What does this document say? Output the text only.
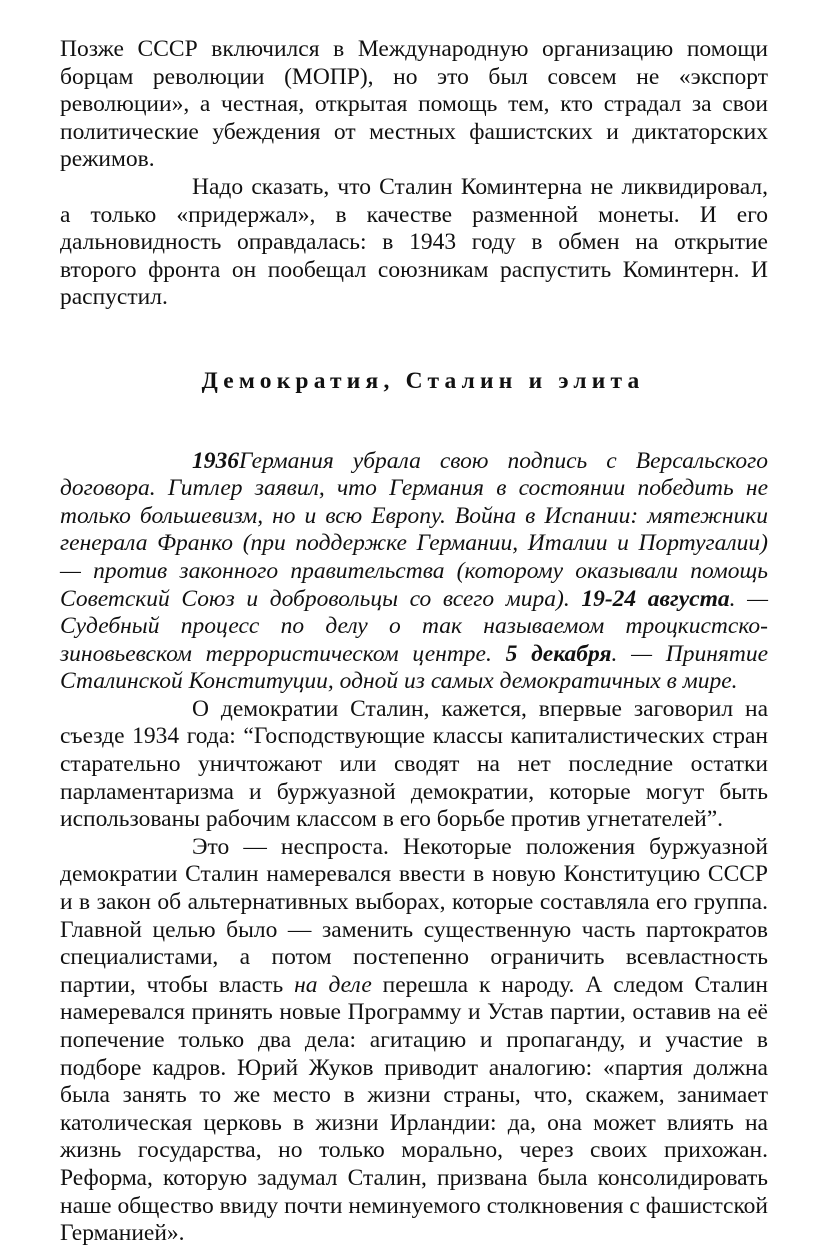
Позже СССР включился в Международную организацию помощи борцам революции (МОПР), но это был совсем не «экспорт революции», а честная, открытая помощь тем, кто страдал за свои политические убеждения от местных фашистских и диктаторских режимов.

Надо сказать, что Сталин Коминтерна не ликвидировал, а только «придержал», в качестве разменной монеты. И его дальновидность оправдалась: в 1943 году в обмен на открытие второго фронта он пообещал союзникам распустить Коминтерн. И распустил.

Демократия, Сталин и элита

1936Германия убрала свою подпись с Версальского договора. Гитлер заявил, что Германия в состоянии победить не только большевизм, но и всю Европу. Война в Испании: мятежники генерала Франко (при поддержке Германии, Италии и Португалии) — против законного правительства (которому оказывали помощь Советский Союз и добровольцы со всего мира). 19-24 августа. — Судебный процесс по делу о так называемом троцкистско-зиновьевском террористическом центре. 5 декабря. — Принятие Сталинской Конституции, одной из самых демократичных в мире.

О демократии Сталин, кажется, впервые заговорил на съезде 1934 года: “Господствующие классы капиталистических стран старательно уничтожают или сводят на нет последние остатки парламентаризма и буржуазной демократии, которые могут быть использованы рабочим классом в его борьбе против угнетателей”.

Это — неспроста. Некоторые положения буржуазной демократии Сталин намеревался ввести в новую Конституцию СССР и в закон об альтернативных выборах, которые составляла его группа. Главной целью было — заменить существенную часть партократов специалистами, а потом постепенно ограничить всевластность партии, чтобы власть на деле перешла к народу. А следом Сталин намеревался принять новые Программу и Устав партии, оставив на её попечение только два дела: агитацию и пропаганду, и участие в подборе кадров. Юрий Жуков приводит аналогию: «партия должна была занять то же место в жизни страны, что, скажем, занимает католическая церковь в жизни Ирландии: да, она может влиять на жизнь государства, но только морально, через своих прихожан. Реформа, которую задумал Сталин, призвана была консолидировать наше общество ввиду почти неминуемого столкновения с фашистской Германией».
